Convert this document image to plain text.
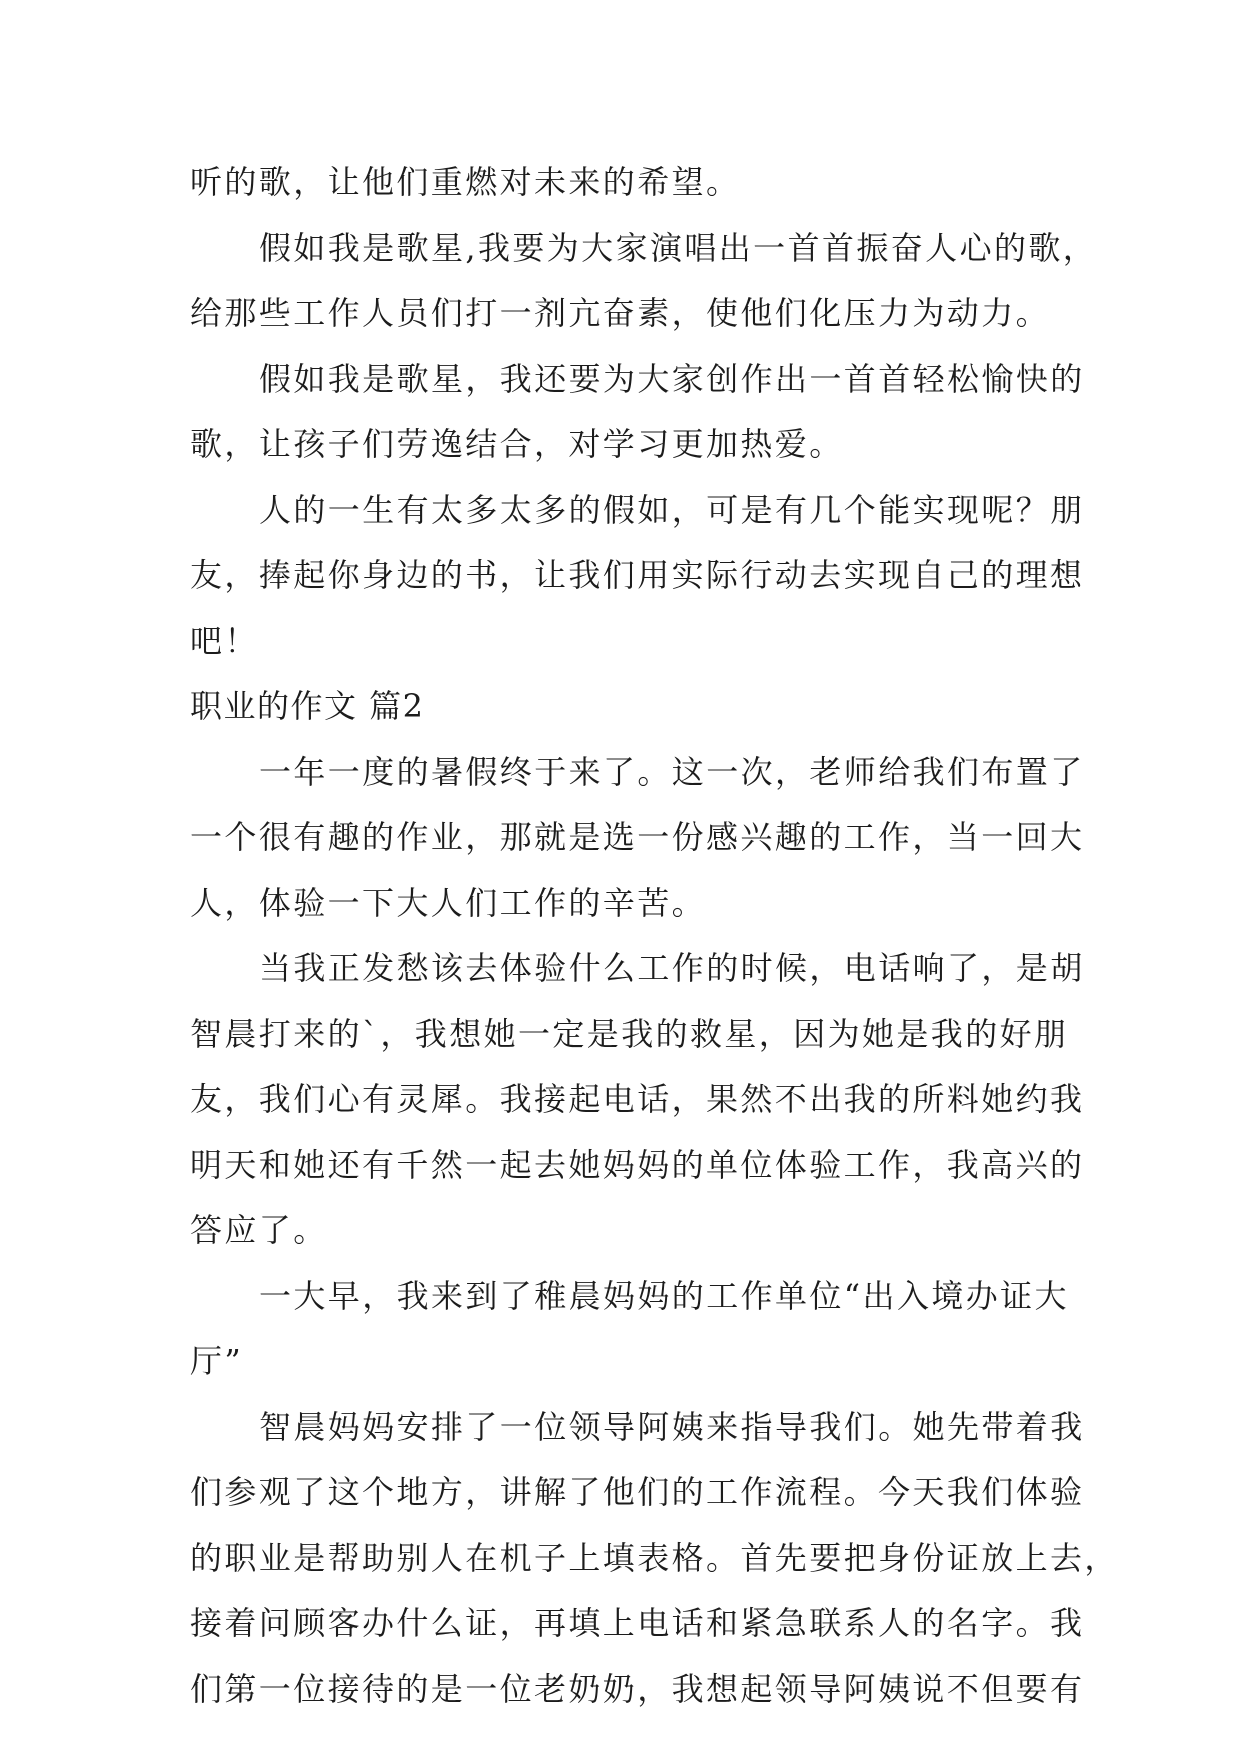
听的歌，让他们重燃对未来的希望。
假如我是歌星,我要为大家演唱出一首首振奋人心的歌，
给那些工作人员们打一剂亢奋素，使他们化压力为动力。
假如我是歌星，我还要为大家创作出一首首轻松愉快的
歌，让孩子们劳逸结合，对学习更加热爱。
人的一生有太多太多的假如，可是有几个能实现呢？朋
友，捧起你身边的书，让我们用实际行动去实现自己的理想
吧！
职业的作文 篇2
一年一度的暑假终于来了。这一次，老师给我们布置了
一个很有趣的作业，那就是选一份感兴趣的工作，当一回大
人，体验一下大人们工作的辛苦。
当我正发愁该去体验什么工作的时候，电话响了，是胡
智晨打来的`，我想她一定是我的救星，因为她是我的好朋
友，我们心有灵犀。我接起电话，果然不出我的所料她约我
明天和她还有千然一起去她妈妈的单位体验工作，我高兴的
答应了。
一大早，我来到了稚晨妈妈的工作单位“出入境办证大
厅”
智晨妈妈安排了一位领导阿姨来指导我们。她先带着我
们参观了这个地方，讲解了他们的工作流程。今天我们体验
的职业是帮助别人在机子上填表格。首先要把身份证放上去，
接着问顾客办什么证，再填上电话和紧急联系人的名字。我
们第一位接待的是一位老奶奶，我想起领导阿姨说不但要有
